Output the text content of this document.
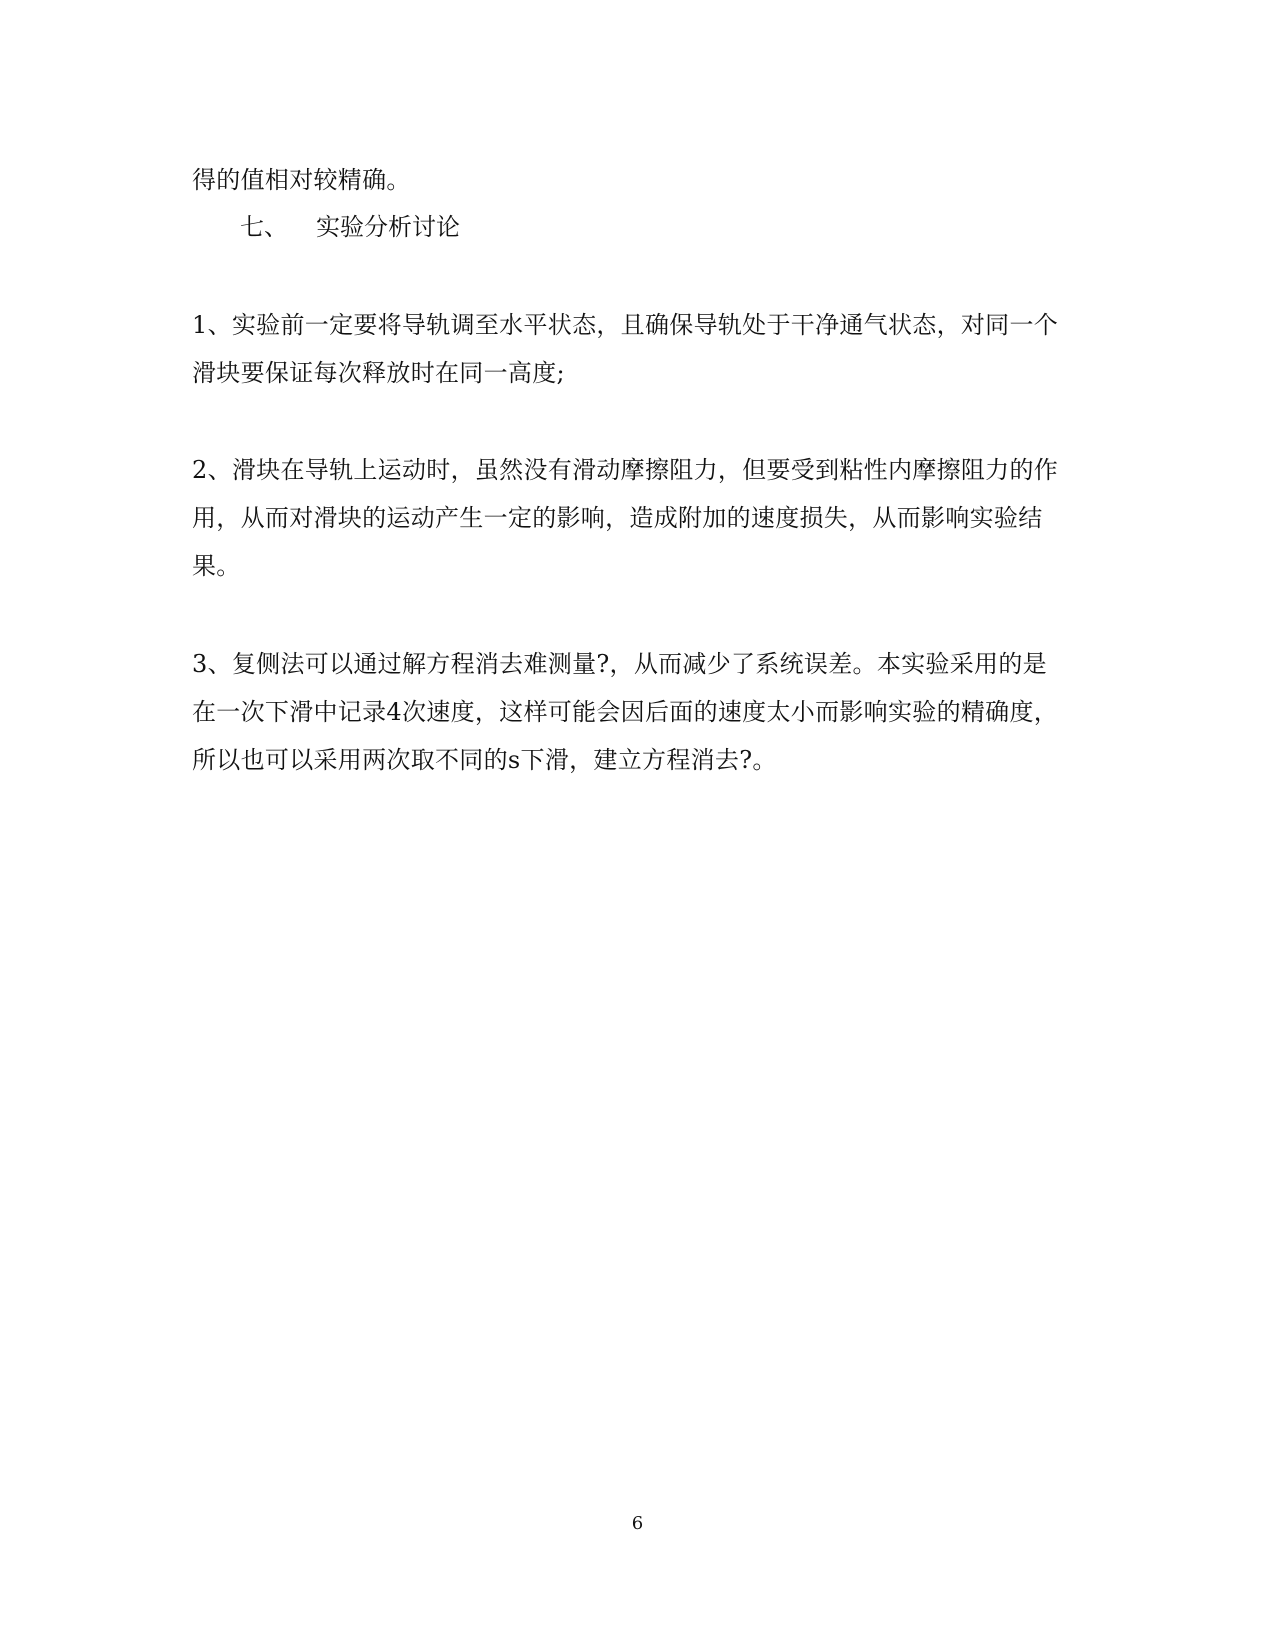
得的值相对较精确。
七、 实验分析讨论
1、实验前一定要将导轨调至水平状态，且确保导轨处于干净通气状态，对同一个
滑块要保证每次释放时在同一高度;
2、滑块在导轨上运动时，虽然没有滑动摩擦阻力，但要受到粘性内摩擦阻力的作
用，从而对滑块的运动产生一定的影响，造成附加的速度损失，从而影响实验结
果。
3、复侧法可以通过解方程消去难测量?，从而减少了系统误差。本实验采用的是
在一次下滑中记录4次速度，这样可能会因后面的速度太小而影响实验的精确度，
所以也可以采用两次取不同的s下滑，建立方程消去?。
6
